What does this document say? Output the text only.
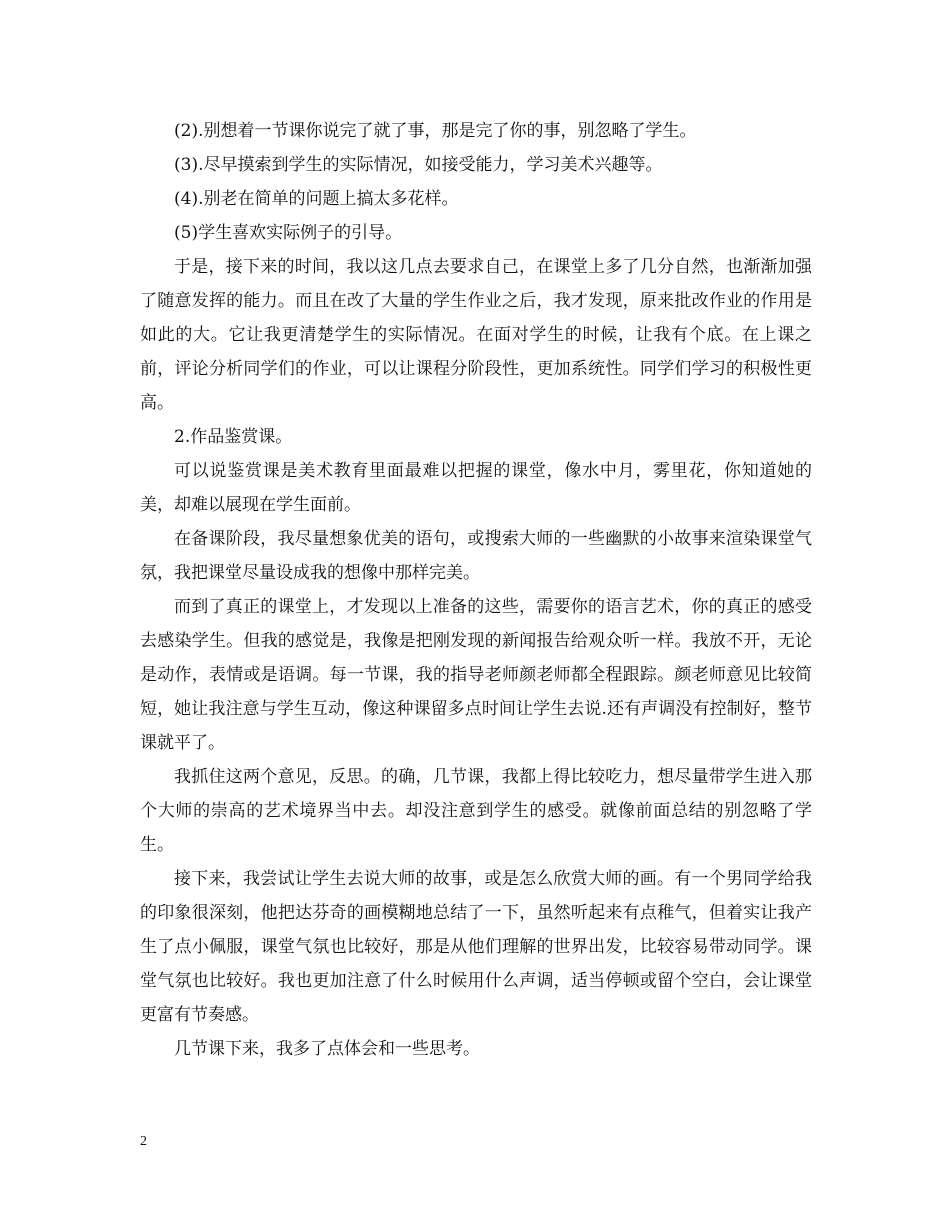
(2).别想着一节课你说完了就了事，那是完了你的事，别忽略了学生。

(3).尽早摸索到学生的实际情况，如接受能力，学习美术兴趣等。

(4).别老在简单的问题上搞太多花样。

(5)学生喜欢实际例子的引导。

于是，接下来的时间，我以这几点去要求自己，在课堂上多了几分自然，也渐渐加强了随意发挥的能力。而且在改了大量的学生作业之后，我才发现，原来批改作业的作用是如此的大。它让我更清楚学生的实际情况。在面对学生的时候，让我有个底。在上课之前，评论分析同学们的作业，可以让课程分阶段性，更加系统性。同学们学习的积极性更高。

2.作品鉴赏课。

可以说鉴赏课是美术教育里面最难以把握的课堂，像水中月，雾里花，你知道她的美，却难以展现在学生面前。

在备课阶段，我尽量想象优美的语句，或搜索大师的一些幽默的小故事来渲染课堂气氛，我把课堂尽量设成我的想像中那样完美。

而到了真正的课堂上，才发现以上准备的这些，需要你的语言艺术，你的真正的感受去感染学生。但我的感觉是，我像是把刚发现的新闻报告给观众听一样。我放不开，无论是动作，表情或是语调。每一节课，我的指导老师颜老师都全程跟踪。颜老师意见比较简短，她让我注意与学生互动，像这种课留多点时间让学生去说.还有声调没有控制好，整节课就平了。

我抓住这两个意见，反思。的确，几节课，我都上得比较吃力，想尽量带学生进入那个大师的崇高的艺术境界当中去。却没注意到学生的感受。就像前面总结的别忽略了学生。

接下来，我尝试让学生去说大师的故事，或是怎么欣赏大师的画。有一个男同学给我的印象很深刻，他把达芬奇的画模糊地总结了一下，虽然听起来有点稚气，但着实让我产生了点小佩服，课堂气氛也比较好，那是从他们理解的世界出发，比较容易带动同学。课堂气氛也比较好。我也更加注意了什么时候用什么声调，适当停顿或留个空白，会让课堂更富有节奏感。

几节课下来，我多了点体会和一些思考。

2
